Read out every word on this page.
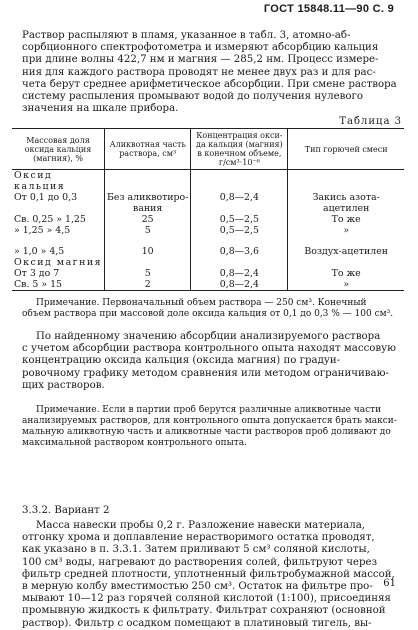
ГОСТ 15848.11—90 С. 9
Раствор распыляют в пламя, указанное в табл. 3, атомно-аб-
сорбционного спектрофотометра и измеряют абсорбцию кальция
при длине волны 422,7 нм и магния — 285,2 нм. Процесс измере-
ния для каждого раствора проводят не менее двух раз и для рас-
чета берут среднее арифметическое абсорбции. При смене раствора
систему распыления промывают водой до получения нулевого
значения на шкале прибора.
Таблица 3
Массовая доля оксида кальция (магния), %	Аликвотная часть раствора, см³	Концентрация окси-да кальция (магния) в конечном объеме, г/см³·10⁻⁶	Тип горючей смеси
Оксид			
кальция			
От 0,1 до 0,3	Без аликвотиро-	0,8—2,4	Закись азота-
	вания		ацетилен
Св. 0,25 » 1,25	25	0,5—2,5	То же
» 1,25 » 4,5	5	0,5—2,5	»

» 1,0 » 4,5	10	0,8—3,6	Воздух-ацетилен
Оксид магния			
От 3 до 7	5	0,8—2,4	То же
Св. 5 » 15	2	0,8—2,4	»
Примечание. Первоначальный объем раствора — 250 см³. Конечный
объем раствора при массовой доле оксида кальция от 0,1 до 0,3 % — 100 см³.
По найденному значению абсорбции анализируемого раствора
с учетом абсорбции раствора контрольного опыта находят массовую
концентрацию оксида кальция (оксида магния) по градуи-
ровочному графику методом сравнения или методом ограничиваю-
щих растворов.
Примечание. Если в партии проб берутся различные аликвотные части
анализируемых растворов, для контрольного опыта допускается брать макси-
мальную аликвотную часть и аликвотные части растворов проб доливают до
максимальной раствором контрольного опыта.
3.3.2. Вариант 2
Масса навески пробы 0,2 г. Разложение навески материала,
отгонку хрома и доплавление нерастворимого остатка проводят,
как указано в п. 3.3.1. Затем приливают 5 см³ соляной кислоты,
100 см³ воды, нагревают до растворения солей, фильтруют через
фильтр средней плотности, уплотненный фильтробумажной массой,
в мерную колбу вместимостью 250 см³. Остаток на фильтре про-
мывают 10—12 раз горячей соляной кислотой (1:100), присоединяя
промывную жидкость к фильтрату. Фильтрат сохраняют (основной
раствор). Фильтр с осадком помещают в платиновый тигель, вы-
61
